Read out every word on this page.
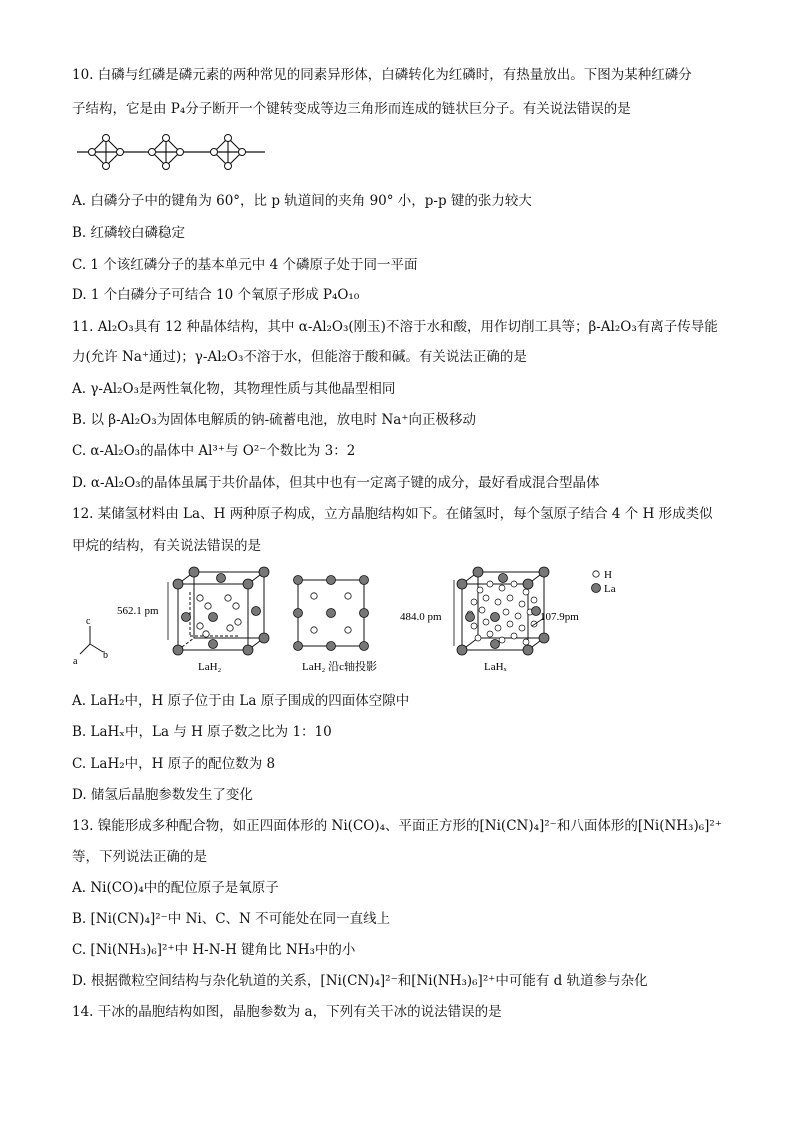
10. 白磷与红磷是磷元素的两种常见的同素异形体，白磷转化为红磷时，有热量放出。下图为某种红磷分
子结构，它是由 P₄分子断开一个键转变成等边三角形而连成的链状巨分子。有关说法错误的是
A. 白磷分子中的键角为 60°，比 p 轨道间的夹角 90° 小，p-p 键的张力较大
B. 红磷较白磷稳定
C. 1 个该红磷分子的基本单元中 4 个磷原子处于同一平面
D. 1 个白磷分子可结合 10 个氧原子形成 P₄O₁₀
11. Al₂O₃具有 12 种晶体结构，其中 α-Al₂O₃(刚玉)不溶于水和酸，用作切削工具等；β-Al₂O₃有离子传导能
力(允许 Na⁺通过)；γ-Al₂O₃不溶于水，但能溶于酸和碱。有关说法正确的是
A. γ-Al₂O₃是两性氧化物，其物理性质与其他晶型相同
B. 以 β-Al₂O₃为固体电解质的钠-硫蓄电池，放电时 Na⁺向正极移动
C. α-Al₂O₃的晶体中 Al³⁺与 O²⁻个数比为 3：2
D. α-Al₂O₃的晶体虽属于共价晶体，但其中也有一定离子键的成分，最好看成混合型晶体
12. 某储氢材料由 La、H 两种原子构成，立方晶胞结构如下。在储氢时，每个氢原子结合 4 个 H 形成类似
甲烷的结构，有关说法错误的是
c
b
a
562.1 pm
LaH₂	LaH₂ 沿c轴投影
484.0 pm	107.9pm
LaHₓ
H
La
A. LaH₂中，H 原子位于由 La 原子围成的四面体空隙中
B. LaHₓ中，La 与 H 原子数之比为 1：10
C. LaH₂中，H 原子的配位数为 8
D. 储氢后晶胞参数发生了变化
13. 镍能形成多种配合物，如正四面体形的 Ni(CO)₄、平面正方形的[Ni(CN)₄]²⁻和八面体形的[Ni(NH₃)₆]²⁺
等，下列说法正确的是
A. Ni(CO)₄中的配位原子是氧原子
B. [Ni(CN)₄]²⁻中 Ni、C、N 不可能处在同一直线上
C. [Ni(NH₃)₆]²⁺中 H-N-H 键角比 NH₃中的小
D. 根据微粒空间结构与杂化轨道的关系，[Ni(CN)₄]²⁻和[Ni(NH₃)₆]²⁺中可能有 d 轨道参与杂化
14. 干冰的晶胞结构如图，晶胞参数为 a，下列有关干冰的说法错误的是
